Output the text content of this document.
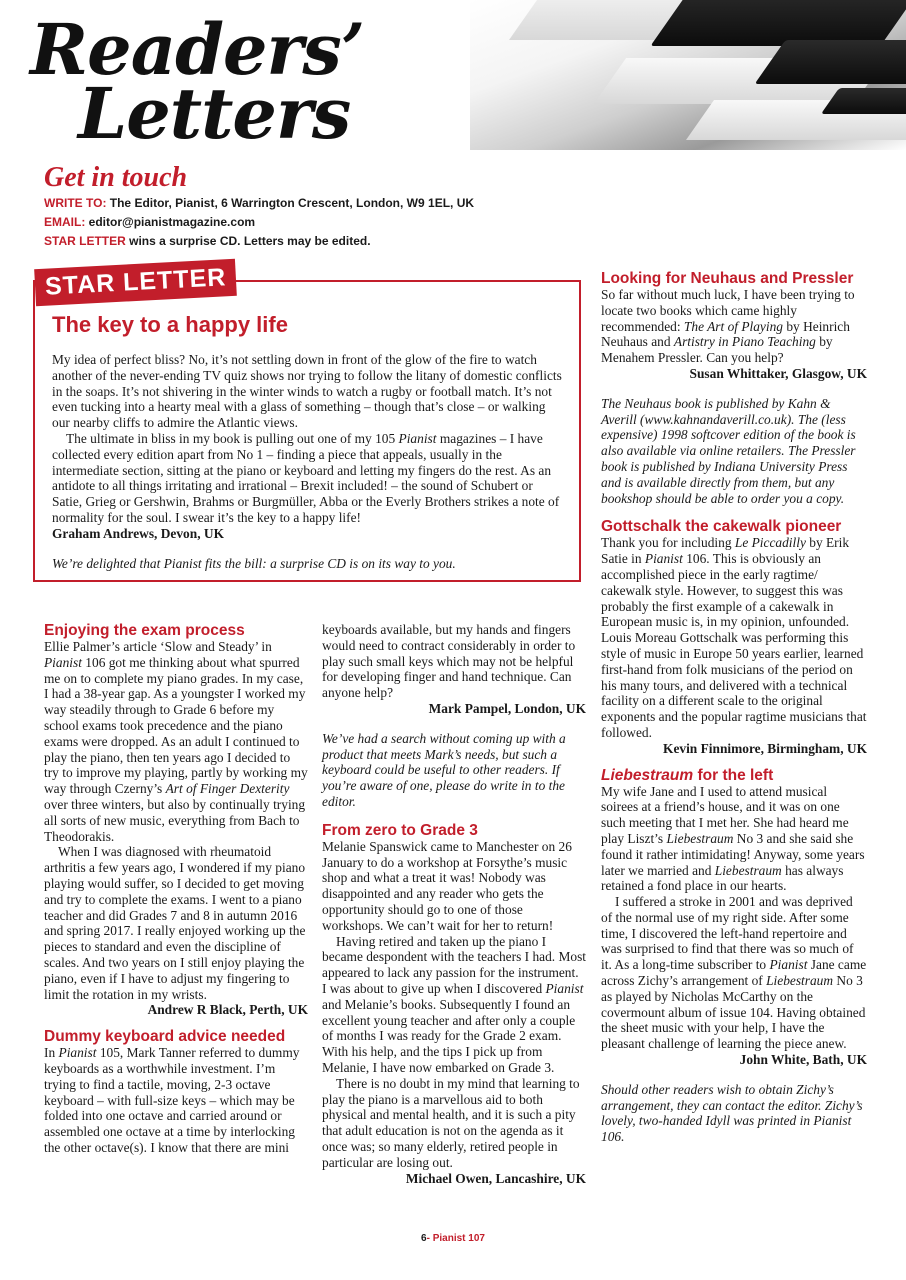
Readers’
Letters
Get in touch
WRITE TO: The Editor, Pianist, 6 Warrington Crescent, London, W9 1EL, UK
EMAIL: editor@pianistmagazine.com
STAR LETTER wins a surprise CD. Letters may be edited.
STAR LETTER
The key to a happy life

My idea of perfect bliss? No, it’s not settling down in front of the glow of the fire to watch another of the never-ending TV quiz shows nor trying to follow the litany of domestic conflicts in the soaps. It’s not shivering in the winter winds to watch a rugby or football match. It’s not even tucking into a hearty meal with a glass of something – though that’s close – or walking our nearby cliffs to admire the Atlantic views.

The ultimate in bliss in my book is pulling out one of my 105 Pianist magazines – I have collected every edition apart from No 1 – finding a piece that appeals, usually in the intermediate section, sitting at the piano or keyboard and letting my fingers do the rest. As an antidote to all things irritating and irrational – Brexit included! – the sound of Schubert or Satie, Grieg or Gershwin, Brahms or Burgmüller, Abba or the Everly Brothers strikes a note of normality for the soul. I swear it’s the key to a happy life!

Graham Andrews, Devon, UK

We’re delighted that Pianist fits the bill: a surprise CD is on its way to you.

Enjoying the exam process

Ellie Palmer’s article ‘Slow and Steady’ in Pianist 106 got me thinking about what spurred me on to complete my piano grades. In my case, I had a 38-year gap. As a youngster I worked my way steadily through to Grade 6 before my school exams took precedence and the piano exams were dropped. As an adult I continued to play the piano, then ten years ago I decided to try to improve my playing, partly by working my way through Czerny’s Art of Finger Dexterity over three winters, but also by continually trying all sorts of new music, everything from Bach to Theodorakis.

When I was diagnosed with rheumatoid arthritis a few years ago, I wondered if my piano playing would suffer, so I decided to get moving and try to complete the exams. I went to a piano teacher and did Grades 7 and 8 in autumn 2016 and spring 2017. I really enjoyed working up the pieces to standard and even the discipline of scales. And two years on I still enjoy playing the piano, even if I have to adjust my fingering to limit the rotation in my wrists.

Andrew R Black, Perth, UK

Dummy keyboard advice needed

In Pianist 105, Mark Tanner referred to dummy keyboards as a worthwhile investment. I’m trying to find a tactile, moving, 2-3 octave keyboard – with full-size keys – which may be folded into one octave and carried around or assembled one octave at a time by interlocking the other octave(s). I know that there are mini

keyboards available, but my hands and fingers would need to contract considerably in order to play such small keys which may not be helpful for developing finger and hand technique. Can anyone help?

Mark Pampel, London, UK

We’ve had a search without coming up with a product that meets Mark’s needs, but such a keyboard could be useful to other readers. If you’re aware of one, please do write in to the editor.

From zero to Grade 3

Melanie Spanswick came to Manchester on 26 January to do a workshop at Forsythe’s music shop and what a treat it was! Nobody was disappointed and any reader who gets the opportunity should go to one of those workshops. We can’t wait for her to return!

Having retired and taken up the piano I became despondent with the teachers I had. Most appeared to lack any passion for the instrument. I was about to give up when I discovered Pianist and Melanie’s books. Subsequently I found an excellent young teacher and after only a couple of months I was ready for the Grade 2 exam. With his help, and the tips I pick up from Melanie, I have now embarked on Grade 3.

There is no doubt in my mind that learning to play the piano is a marvellous aid to both physical and mental health, and it is such a pity that adult education is not on the agenda as it once was; so many elderly, retired people in particular are losing out.

Michael Owen, Lancashire, UK

Looking for Neuhaus and Pressler

So far without much luck, I have been trying to locate two books which came highly recommended: The Art of Playing by Heinrich Neuhaus and Artistry in Piano Teaching by Menahem Pressler. Can you help?

Susan Whittaker, Glasgow, UK

The Neuhaus book is published by Kahn & Averill (www.kahnandaverill.co.uk). The (less expensive) 1998 softcover edition of the book is also available via online retailers. The Pressler book is published by Indiana University Press and is available directly from them, but any bookshop should be able to order you a copy.

Gottschalk the cakewalk pioneer

Thank you for including Le Piccadilly by Erik Satie in Pianist 106. This is obviously an accomplished piece in the early ragtime/ cakewalk style. However, to suggest this was probably the first example of a cakewalk in European music is, in my opinion, unfounded. Louis Moreau Gottschalk was performing this style of music in Europe 50 years earlier, learned first-hand from folk musicians of the period on his many tours, and delivered with a technical facility on a different scale to the original exponents and the popular ragtime musicians that followed.

Kevin Finnimore, Birmingham, UK

Liebestraum for the left

My wife Jane and I used to attend musical soirees at a friend’s house, and it was on one such meeting that I met her. She had heard me play Liszt’s Liebestraum No 3 and she said she found it rather intimidating! Anyway, some years later we married and Liebestraum has always retained a fond place in our hearts.

I suffered a stroke in 2001 and was deprived of the normal use of my right side. After some time, I discovered the left-hand repertoire and was surprised to find that there was so much of it. As a long-time subscriber to Pianist Jane came across Zichy’s arrangement of Liebestraum No 3 as played by Nicholas McCarthy on the covermount album of issue 104. Having obtained the sheet music with your help, I have the pleasant challenge of learning the piece anew.

John White, Bath, UK

Should other readers wish to obtain Zichy’s arrangement, they can contact the editor. Zichy’s lovely, two-handed Idyll was printed in Pianist 106.

6- Pianist 107
